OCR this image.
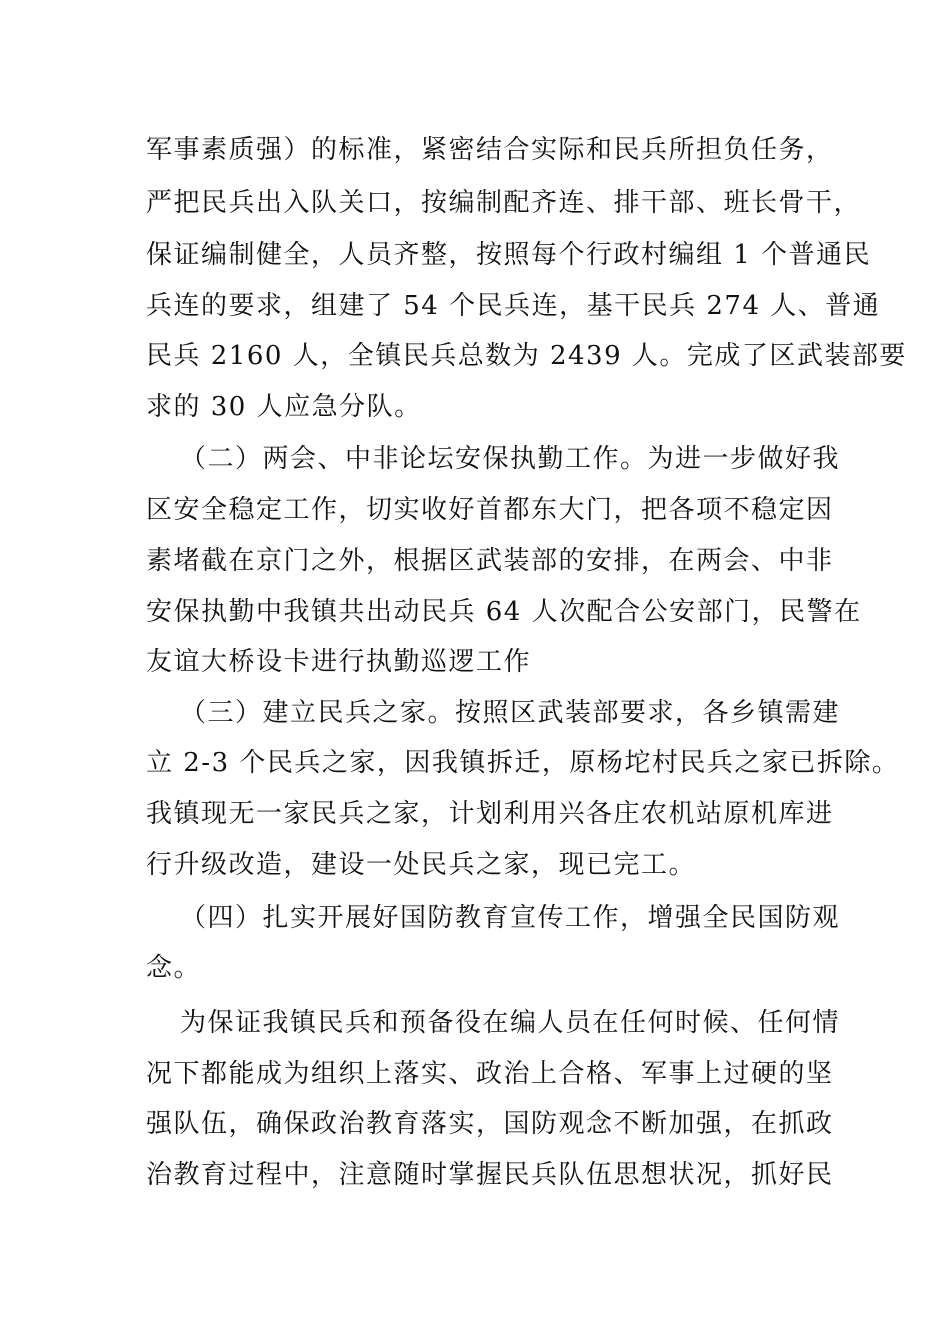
军事素质强）的标准，紧密结合实际和民兵所担负任务，
严把民兵出入队关口，按编制配齐连、排干部、班长骨干，
保证编制健全，人员齐整，按照每个行政村编组 1 个普通民
兵连的要求，组建了 54 个民兵连，基干民兵 274 人、普通
民兵 2160 人，全镇民兵总数为 2439 人。完成了区武装部要
求的 30 人应急分队。
（二）两会、中非论坛安保执勤工作。为进一步做好我
区安全稳定工作，切实收好首都东大门，把各项不稳定因
素堵截在京门之外，根据区武装部的安排，在两会、中非
安保执勤中我镇共出动民兵 64 人次配合公安部门，民警在
友谊大桥设卡进行执勤巡逻工作
（三）建立民兵之家。按照区武装部要求，各乡镇需建
立 2-3 个民兵之家，因我镇拆迁，原杨坨村民兵之家已拆除。
我镇现无一家民兵之家，计划利用兴各庄农机站原机库进
行升级改造，建设一处民兵之家，现已完工。
（四）扎实开展好国防教育宣传工作，增强全民国防观
念。
为保证我镇民兵和预备役在编人员在任何时候、任何情
况下都能成为组织上落实、政治上合格、军事上过硬的坚
强队伍，确保政治教育落实，国防观念不断加强，在抓政
治教育过程中，注意随时掌握民兵队伍思想状况，抓好民
